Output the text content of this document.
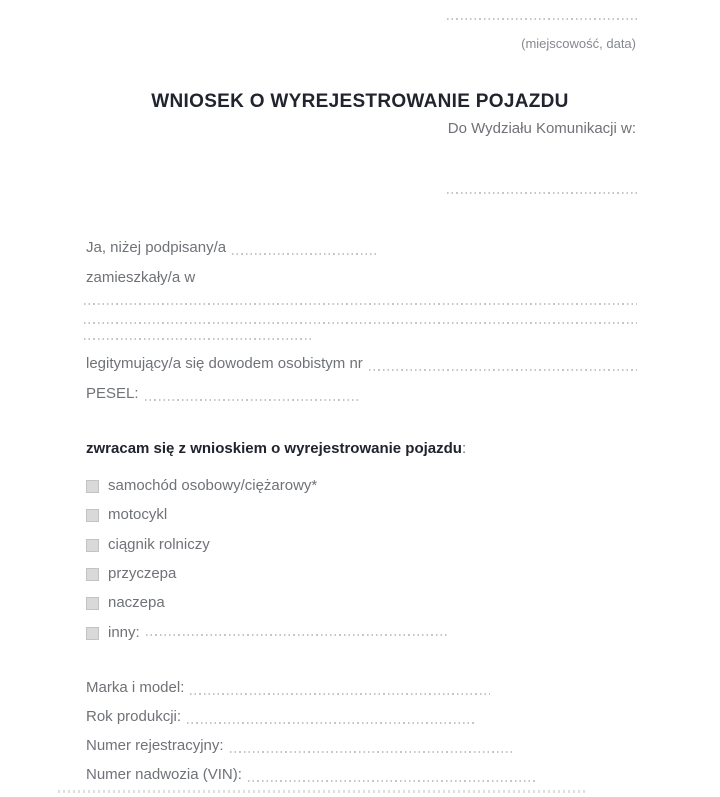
(miejscowość, data)
WNIOSEK O WYREJESTROWANIE POJAZDU
Do Wydziału Komunikacji w:
Ja, niżej podpisany/a
zamieszkały/a w
legitymujący/a się dowodem osobistym nr
PESEL:
zwracam się z wnioskiem o wyrejestrowanie pojazdu:
samochód osobowy/ciężarowy*
motocykl
ciągnik rolniczy
przyczepa
naczepa
inny:
Marka i model:
Rok produkcji:
Numer rejestracyjny:
Numer nadwozia (VIN):
